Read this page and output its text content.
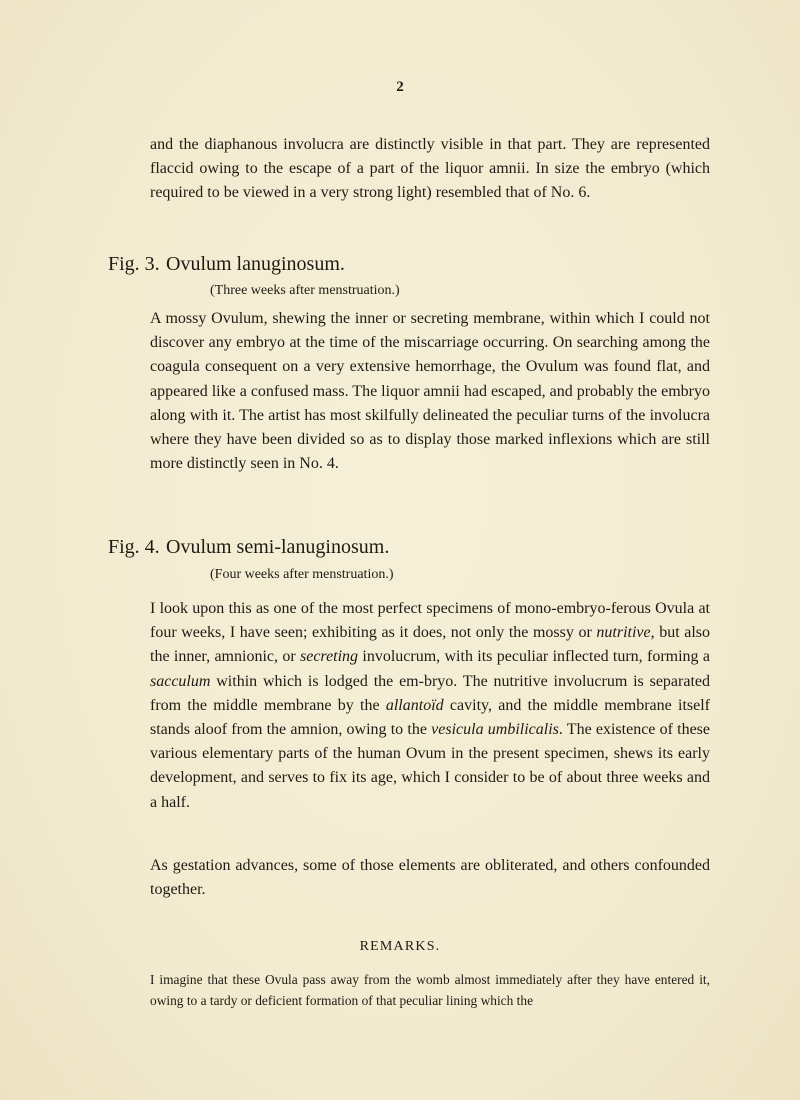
2

and the diaphanous involucra are distinctly visible in that part. They are represented flaccid owing to the escape of a part of the liquor amnii. In size the embryo (which required to be viewed in a very strong light) resembled that of No. 6.

Fig. 3. Ovulum lanuginosum.
(Three weeks after menstruation.)

A mossy Ovulum, shewing the inner or secreting membrane, within which I could not discover any embryo at the time of the miscarriage occurring. On searching among the coagula consequent on a very extensive hemorrhage, the Ovulum was found flat, and appeared like a confused mass. The liquor amnii had escaped, and probably the embryo along with it. The artist has most skilfully delineated the peculiar turns of the involucra where they have been divided so as to display those marked inflexions which are still more distinctly seen in No. 4.

Fig. 4. Ovulum semi-lanuginosum.
(Four weeks after menstruation.)

I look upon this as one of the most perfect specimens of mono-embryo-ferous Ovula at four weeks, I have seen; exhibiting as it does, not only the mossy or nutritive, but also the inner, amnionic, or secreting involucrum, with its peculiar inflected turn, forming a sacculum within which is lodged the em-bryo. The nutritive involucrum is separated from the middle membrane by the allantoïd cavity, and the middle membrane itself stands aloof from the amnion, owing to the vesicula umbilicalis. The existence of these various elementary parts of the human Ovum in the present specimen, shews its early development, and serves to fix its age, which I consider to be of about three weeks and a half.

As gestation advances, some of those elements are obliterated, and others confounded together.

REMARKS.

I imagine that these Ovula pass away from the womb almost immediately after they have entered it, owing to a tardy or deficient formation of that peculiar lining which the
